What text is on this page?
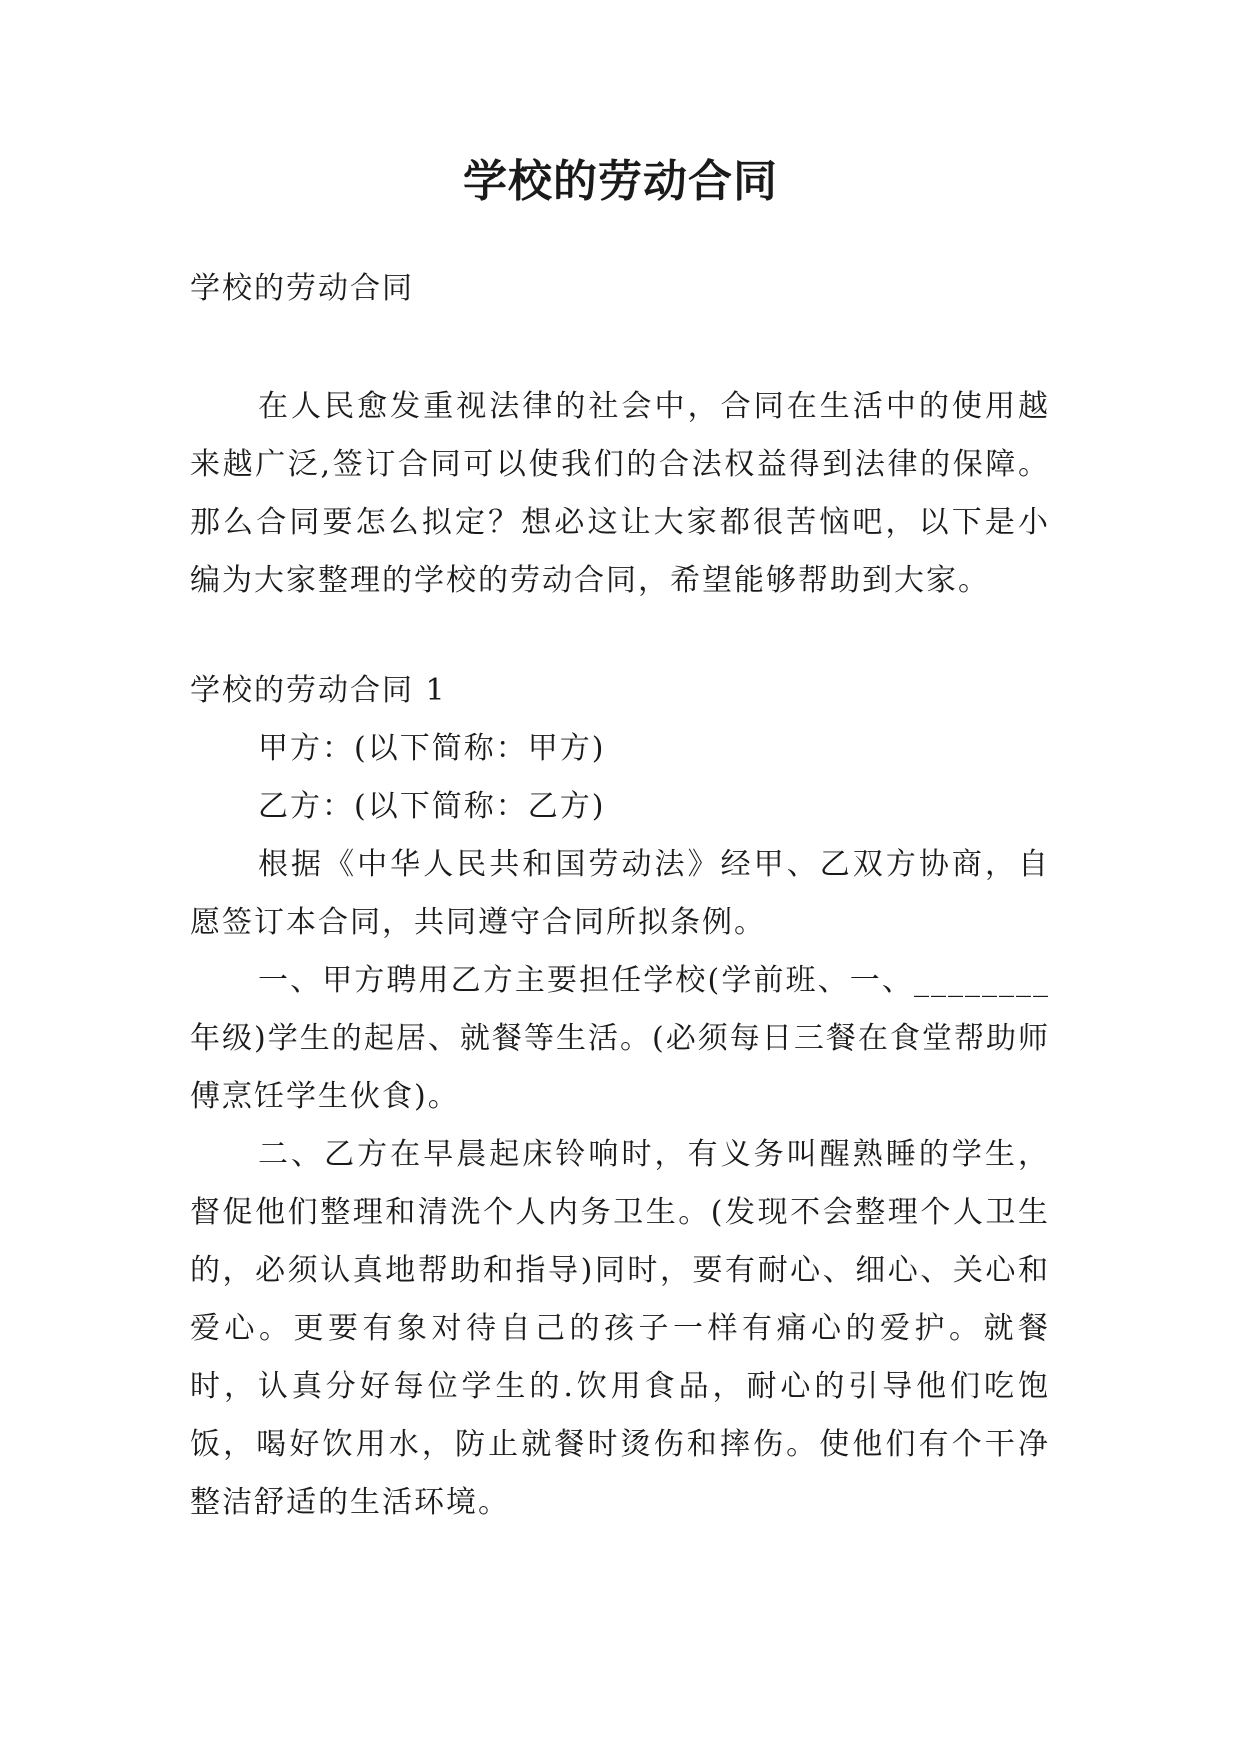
学校的劳动合同

学校的劳动合同

在人民愈发重视法律的社会中，合同在生活中的使用越来越广泛,签订合同可以使我们的合法权益得到法律的保障。那么合同要怎么拟定？想必这让大家都很苦恼吧，以下是小编为大家整理的学校的劳动合同，希望能够帮助到大家。

学校的劳动合同 1

甲方：(以下简称：甲方)

乙方：(以下简称：乙方)

根据《中华人民共和国劳动法》经甲、乙双方协商，自愿签订本合同，共同遵守合同所拟条例。

一、甲方聘用乙方主要担任学校(学前班、一、________年级)学生的起居、就餐等生活。(必须每日三餐在食堂帮助师傅烹饪学生伙食)。

二、乙方在早晨起床铃响时，有义务叫醒熟睡的学生，督促他们整理和清洗个人内务卫生。(发现不会整理个人卫生的，必须认真地帮助和指导)同时，要有耐心、细心、关心和爱心。更要有象对待自己的孩子一样有痛心的爱护。就餐时，认真分好每位学生的.饮用食品，耐心的引导他们吃饱饭，喝好饮用水，防止就餐时烫伤和摔伤。使他们有个干净整洁舒适的生活环境。
